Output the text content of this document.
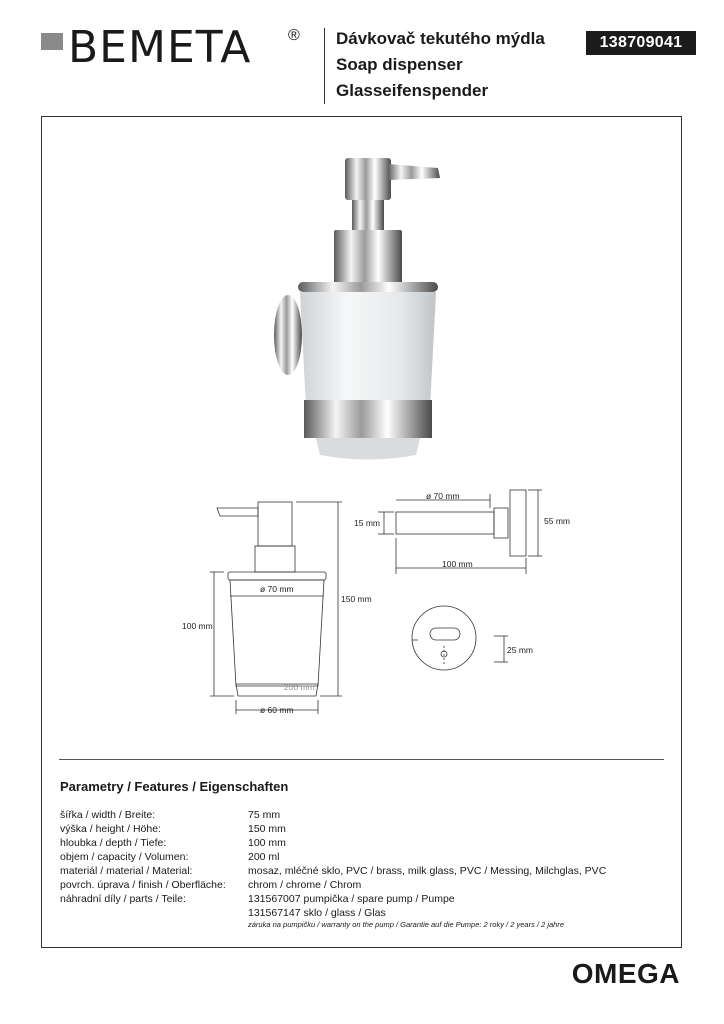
BEMETA ® Dávkovač tekutého mýdla
Soap dispenser
Glasseifenspender
138709041
ø 70 mm
150 mm
100 mm
200 mm
ø 60 mm
ø 70 mm
15 mm	55 mm
100 mm
25 mm
Parametry / Features / Eigenschaften
šířka / width / Breite:	75 mm
výška / height / Höhe:	150 mm
hloubka / depth / Tiefe:	100 mm
objem / capacity / Volumen:	200 ml
materiál / material / Material:	mosaz, mléčné sklo, PVC / brass, milk glass, PVC / Messing, Milchglas, PVC
povrch. úprava / finish / Oberfläche: chrom / chrome / Chrom
náhradní díly / parts / Teile:	131567007 pumpička / spare pump / Pumpe
131567147 sklo / glass / Glas
záruka na pumpičku / warranty on the pump / Garantie auf die Pumpe: 2 roky / 2 years / 2 jahre
OMEGA
